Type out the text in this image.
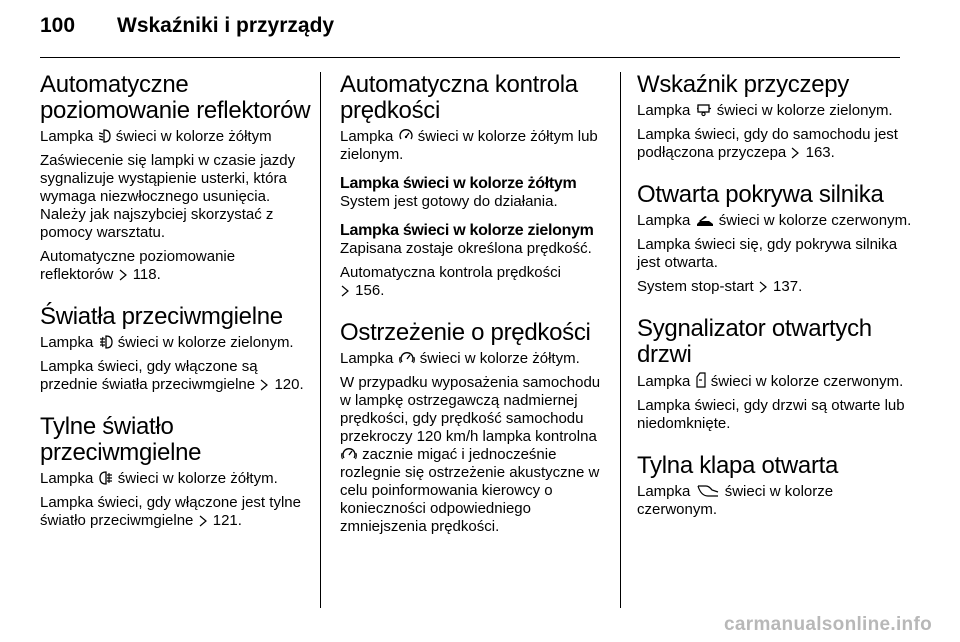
100 Wskaźniki i przyrządy
Automatyczne poziomowanie reflektorów

Lampka świeci w kolorze żółtym

Zaświecenie się lampki w czasie jazdy sygnalizuje wystąpienie usterki, która wymaga niezwłocznego usunięcia. Należy jak najszybciej skorzystać z pomocy warsztatu.

Automatyczne poziomowanie reflektorów 118.

Światła przeciwmgielne

Lampka świeci w kolorze zielonym.

Lampka świeci, gdy włączone są przednie światła przeciwmgielne 120.

Tylne światło przeciwmgielne

Lampka świeci w kolorze żółtym.

Lampka świeci, gdy włączone jest tylne światło przeciwmgielne 121.

Automatyczna kontrola prędkości

Lampka świeci w kolorze żółtym lub zielonym.

Lampka świeci w kolorze żółtym

System jest gotowy do działania.

Lampka świeci w kolorze zielonym

Zapisana zostaje określona prędkość.

Automatyczna kontrola prędkości

156.

Ostrzeżenie o prędkości

Lampka świeci w kolorze żółtym.

W przypadku wyposażenia samochodu w lampkę ostrzegawczą nadmiernej prędkości, gdy prędkość samochodu przekroczy 120 km/h lampka kontrolna
zacznie migać i jednocześnie rozlegnie się ostrzeżenie akustyczne w celu poinformowania kierowcy o konieczności odpowiedniego zmniejszenia prędkości.

Wskaźnik przyczepy

Lampka świeci w kolorze zielonym.

Lampka świeci, gdy do samochodu jest podłączona przyczepa 163.

Otwarta pokrywa silnika

Lampka świeci w kolorze czerwonym.

Lampka świeci się, gdy pokrywa silnika jest otwarta.

System stop-start 137.

Sygnalizator otwartych drzwi

Lampka świeci w kolorze czerwonym.

Lampka świeci, gdy drzwi są otwarte lub niedomknięte.

Tylna klapa otwarta

Lampka świeci w kolorze czerwonym.

carmanualsonline.info
